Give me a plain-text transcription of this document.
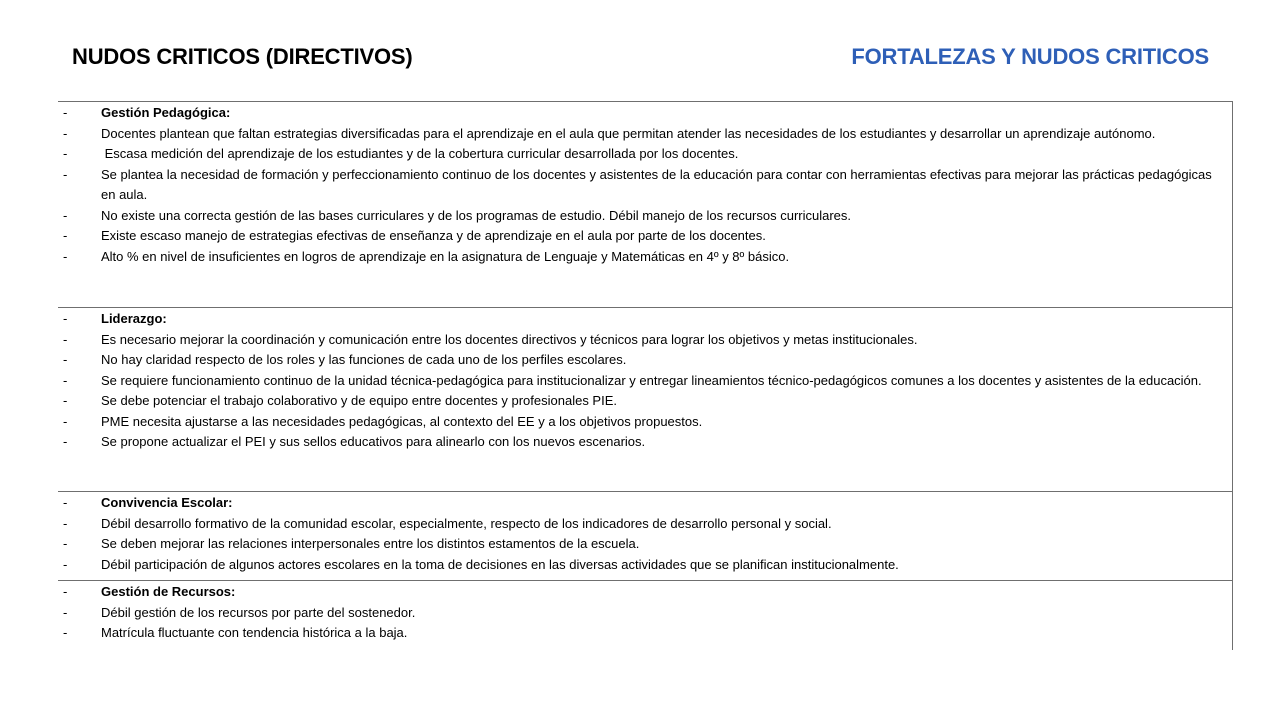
NUDOS CRITICOS (DIRECTIVOS)	FORTALEZAS Y NUDOS CRITICOS
-	Gestión Pedagógica:
-	Docentes plantean que faltan estrategias diversificadas para el aprendizaje en el aula que permitan atender las necesidades de los estudiantes y desarrollar un aprendizaje autónomo.
-	Escasa medición del aprendizaje de los estudiantes y de la cobertura curricular desarrollada por los docentes.
-	Se plantea la necesidad de formación y perfeccionamiento continuo de los docentes y asistentes de la educación para contar con herramientas efectivas para mejorar las prácticas pedagógicas en aula.
-	No existe una correcta gestión de las bases curriculares y de los programas de estudio. Débil manejo de los recursos curriculares.
-	Existe escaso manejo de estrategias efectivas de enseñanza y de aprendizaje en el aula por parte de los docentes.
-	Alto % en nivel de insuficientes en logros de aprendizaje en la asignatura de Lenguaje y Matemáticas en 4º y 8º básico.
-	Liderazgo:
-	Es necesario mejorar la coordinación y comunicación entre los docentes directivos y técnicos para lograr los objetivos y metas institucionales.
-	No hay claridad respecto de los roles y las funciones de cada uno de los perfiles escolares.
-	Se requiere funcionamiento continuo de la unidad técnica-pedagógica para institucionalizar y entregar lineamientos técnico-pedagógicos comunes a los docentes y asistentes de la educación.
-	Se debe potenciar el trabajo colaborativo y de equipo entre docentes y profesionales PIE.
-	PME necesita ajustarse a las necesidades pedagógicas, al contexto del EE y a los objetivos propuestos.
-	Se propone actualizar el PEI y sus sellos educativos para alinearlo con los nuevos escenarios.
-	Convivencia Escolar:
-	Débil desarrollo formativo de la comunidad escolar, especialmente, respecto de los indicadores de desarrollo personal y social.
-	Se deben mejorar las relaciones interpersonales entre los distintos estamentos de la escuela.
-	Débil participación de algunos actores escolares en la toma de decisiones en las diversas actividades que se planifican institucionalmente.
-	Gestión de Recursos:
-	Débil gestión de los recursos por parte del sostenedor.
-	Matrícula fluctuante con tendencia histórica a la baja.
